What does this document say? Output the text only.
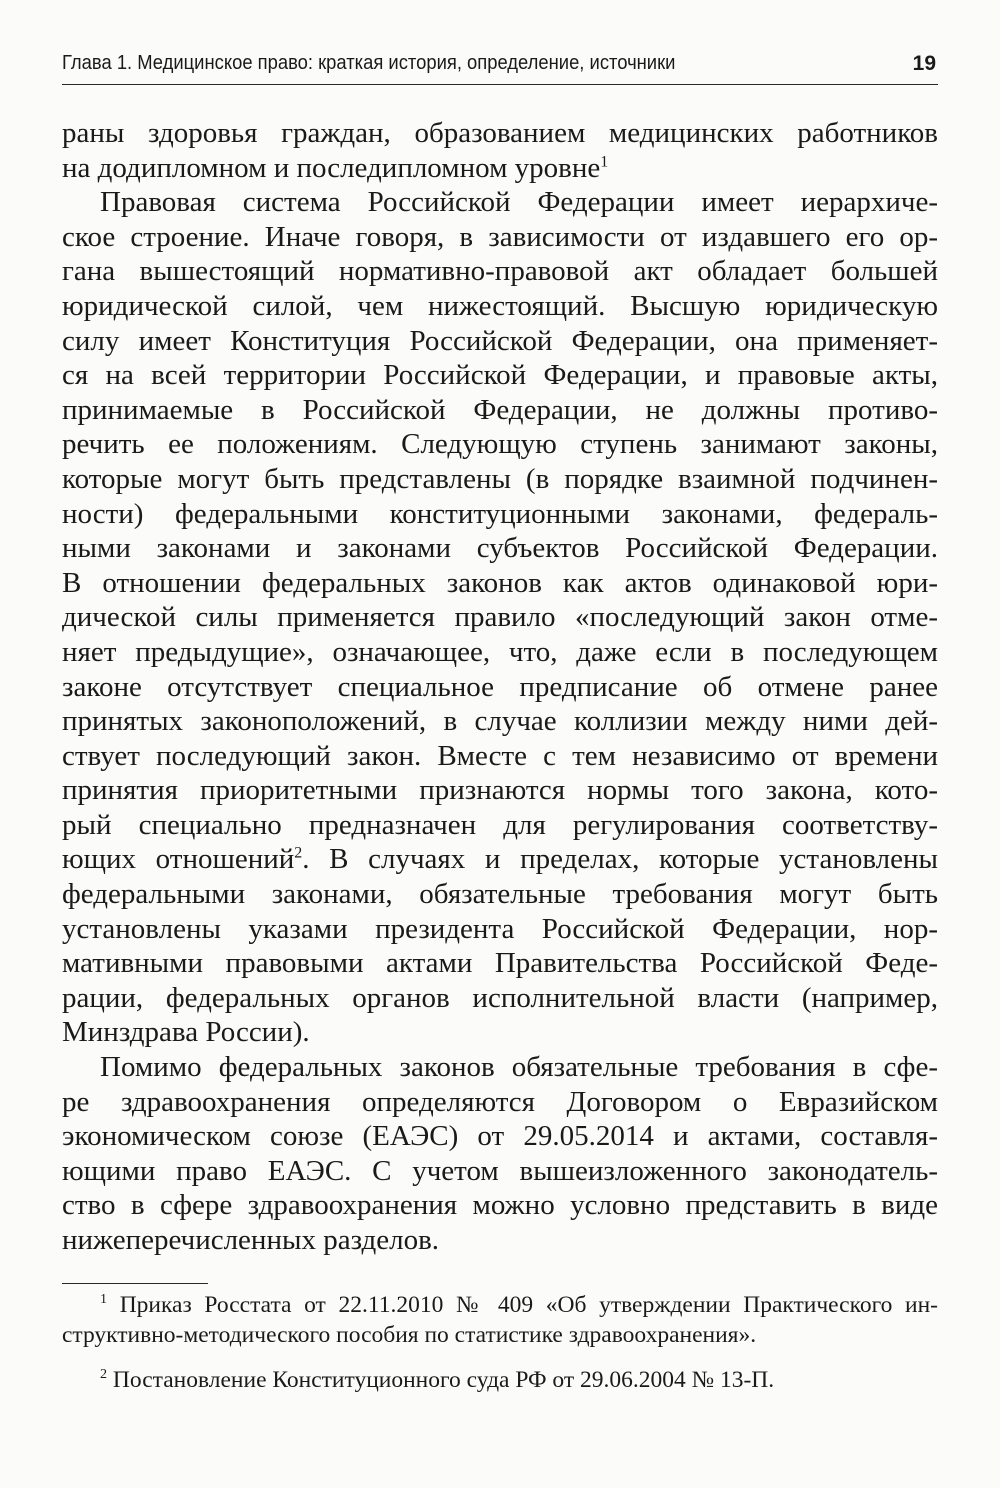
Глава 1. Медицинское право: краткая история, определение, источники	19
раны здоровья граждан, образованием медицинских работников
на додипломном и последипломном уровне$^1$
Правовая система Российской Федерации имеет иерархиче-
ское строение. Иначе говоря, в зависимости от издавшего его ор-
гана вышестоящий нормативно-правовой акт обладает большей
юридической силой, чем нижестоящий. Высшую юридическую
силу имеет Конституция Российской Федерации, она применяет-
ся на всей территории Российской Федерации, и правовые акты,
принимаемые в Российской Федерации, не должны противо-
речить ее положениям. Следующую ступень занимают законы,
которые могут быть представлены (в порядке взаимной подчинен-
ности) федеральными конституционными законами, федераль-
ными законами и законами субъектов Российской Федерации.
В отношении федеральных законов как актов одинаковой юри-
дической силы применяется правило «последующий закон отме-
няет предыдущие», означающее, что, даже если в последующем
законе отсутствует специальное предписание об отмене ранее
принятых законоположений, в случае коллизии между ними дей-
ствует последующий закон. Вместе с тем независимо от времени
принятия приоритетными признаются нормы того закона, кото-
рый специально предназначен для регулирования соответству-
ющих отношений$^2$. В случаях и пределах, которые установлены
федеральными законами, обязательные требования могут быть
установлены указами президента Российской Федерации, нор-
мативными правовыми актами Правительства Российской Феде-
рации, федеральных органов исполнительной власти (например,
Минздрава России).
Помимо федеральных законов обязательные требования в сфе-
ре здравоохранения определяются Договором о Евразийском
экономическом союзе (ЕАЭС) от 29.05.2014 и актами, составля-
ющими право ЕАЭС. С учетом вышеизложенного законодатель-
ство в сфере здравоохранения можно условно представить в виде
нижеперечисленных разделов.
$^1$ Приказ Росстата от 22.11.2010 № 409 «Об утверждении Практического ин-
структивно-методического пособия по статистике здравоохранения».
$^2$ Постановление Конституционного суда РФ от 29.06.2004 № 13-П.
